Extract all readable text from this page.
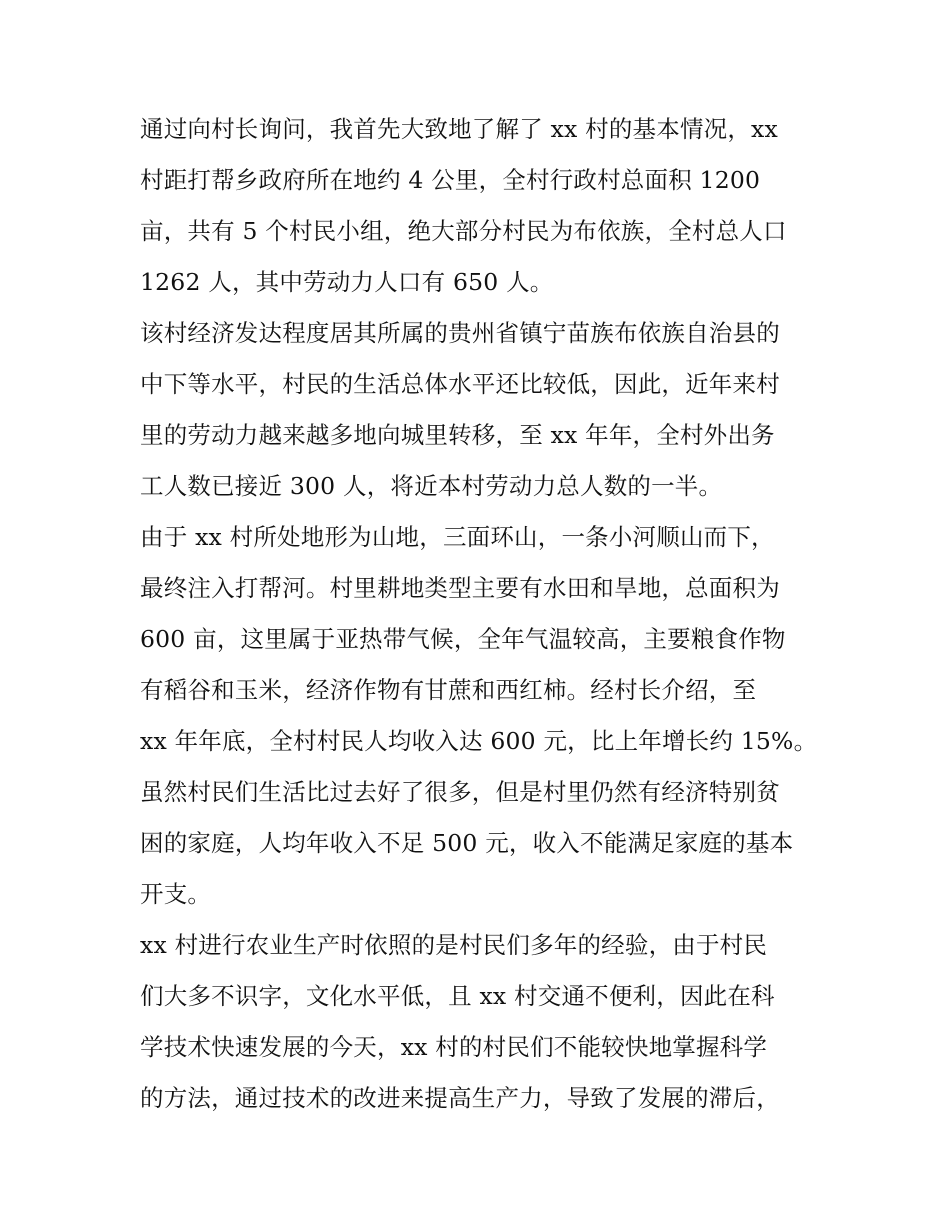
通过向村长询问，我首先大致地了解了 xx 村的基本情况，xx
村距打帮乡政府所在地约 4 公里，全村行政村总面积 1200
亩，共有 5 个村民小组，绝大部分村民为布依族，全村总人口
1262 人，其中劳动力人口有 650 人。
该村经济发达程度居其所属的贵州省镇宁苗族布依族自治县的
中下等水平，村民的生活总体水平还比较低，因此，近年来村
里的劳动力越来越多地向城里转移，至 xx 年年，全村外出务
工人数已接近 300 人，将近本村劳动力总人数的一半。
由于 xx 村所处地形为山地，三面环山，一条小河顺山而下，
最终注入打帮河。村里耕地类型主要有水田和旱地，总面积为
600 亩，这里属于亚热带气候，全年气温较高，主要粮食作物
有稻谷和玉米，经济作物有甘蔗和西红柿。经村长介绍，至
xx 年年底，全村村民人均收入达 600 元，比上年增长约 15%。
虽然村民们生活比过去好了很多，但是村里仍然有经济特别贫
困的家庭，人均年收入不足 500 元，收入不能满足家庭的基本
开支。
xx 村进行农业生产时依照的是村民们多年的经验，由于村民
们大多不识字，文化水平低，且 xx 村交通不便利，因此在科
学技术快速发展的今天，xx 村的村民们不能较快地掌握科学
的方法，通过技术的改进来提高生产力，导致了发展的滞后，
